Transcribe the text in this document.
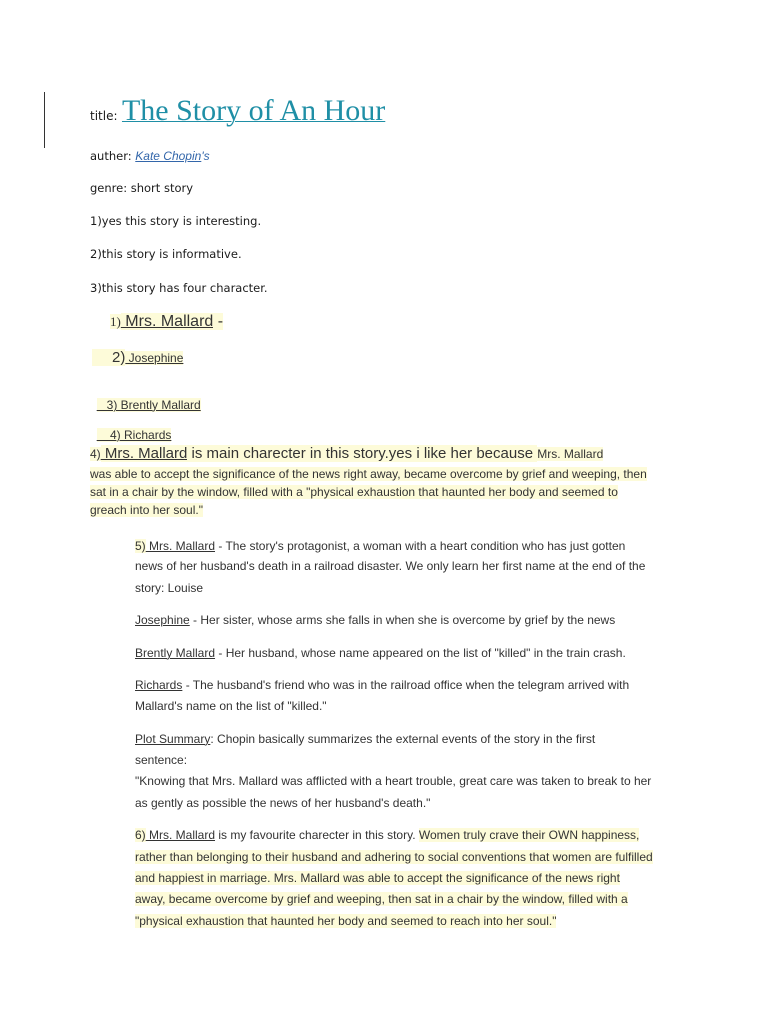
title: The Story of An Hour
auther: Kate Chopin's
genre: short story
1)yes this story is interesting.
2)this story is informative.
3)this story has four character.
1) Mrs. Mallard -
2) Josephine

3) Brently Mallard

4) Richards

4) Mrs. Mallard is main charecter in this story.yes i like her because Mrs. Mallard
was able to accept the significance of the news right away, became overcome by grief and weeping, then
sat in a chair by the window, filled with a "physical exhaustion that haunted her body and seemed to
greach into her soul."
5) Mrs. Mallard - The story's protagonist, a woman with a heart condition who has just gotten
news of her husband's death in a railroad disaster. We only learn her first name at the end of the
story: Louise
Josephine - Her sister, whose arms she falls in when she is overcome by grief by the news
Brently Mallard - Her husband, whose name appeared on the list of "killed" in the train crash.
Richards - The husband's friend who was in the railroad office when the telegram arrived with
Mallard's name on the list of "killed."
Plot Summary: Chopin basically summarizes the external events of the story in the first
sentence:
"Knowing that Mrs. Mallard was afflicted with a heart trouble, great care was taken to break to her
as gently as possible the news of her husband's death."
6) Mrs. Mallard is my favourite charecter in this story. Women truly crave their OWN happiness,
rather than belonging to their husband and adhering to social conventions that women are fulfilled
and happiest in marriage. Mrs. Mallard was able to accept the significance of the news right
away, became overcome by grief and weeping, then sat in a chair by the window, filled with a
"physical exhaustion that haunted her body and seemed to reach into her soul."
